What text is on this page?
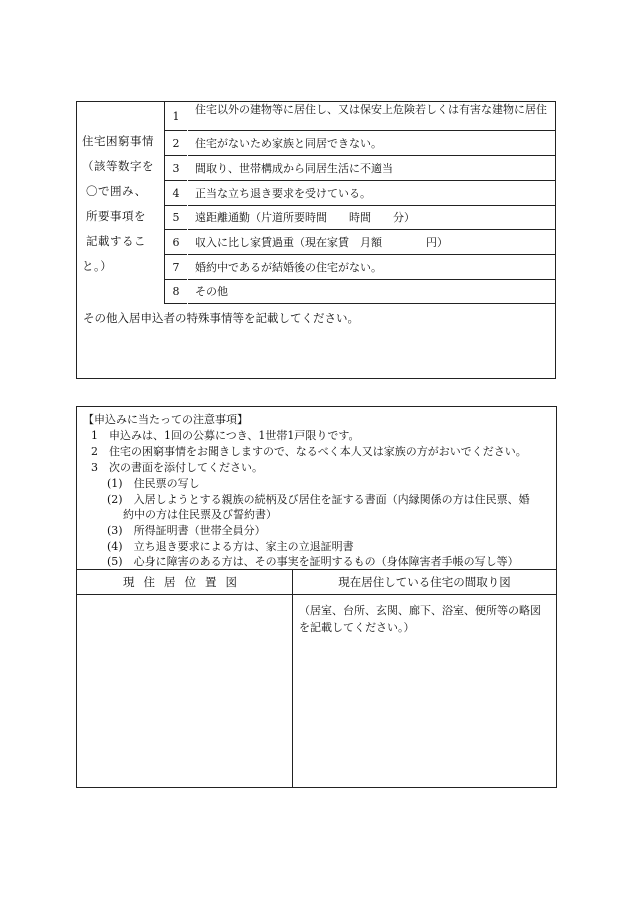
住宅困窮事情
（該等数字を
〇で囲み、
所要事項を
記載するこ
と。）
1
2
3
4
5
6
7
8
住宅以外の建物等に居住し、又は保安上危険若しくは有害な建物に居住
住宅がないため家族と同居できない。
間取り、世帯構成から同居生活に不適当
正当な立ち退き要求を受けている。
遠距離通勤（片道所要時間　　時間　　分）
収入に比し家賃過重（現在家賃　月額　　　　円）
婚約中であるが結婚後の住宅がない。
その他
その他入居申込者の特殊事情等を記載してください。
【申込みに当たっての注意事項】
1　申込みは、1回の公募につき、1世帯1戸限りです。
2　住宅の困窮事情をお聞きしますので、なるべく本人又は家族の方がおいでください。
3　次の書面を添付してください。
(1)　住民票の写し
(2)　入居しようとする親族の続柄及び居住を証する書面（内縁関係の方は住民票、婚
約中の方は住民票及び誓約書）
(3)　所得証明書（世帯全員分）
(4)　立ち退き要求による方は、家主の立退証明書
(5)　心身に障害のある方は、その事実を証明するもの（身体障害者手帳の写し等）
現住居位置図	現在居住している住宅の間取り図
（居室、台所、玄関、廊下、浴室、便所等の略図
を記載してください。）
